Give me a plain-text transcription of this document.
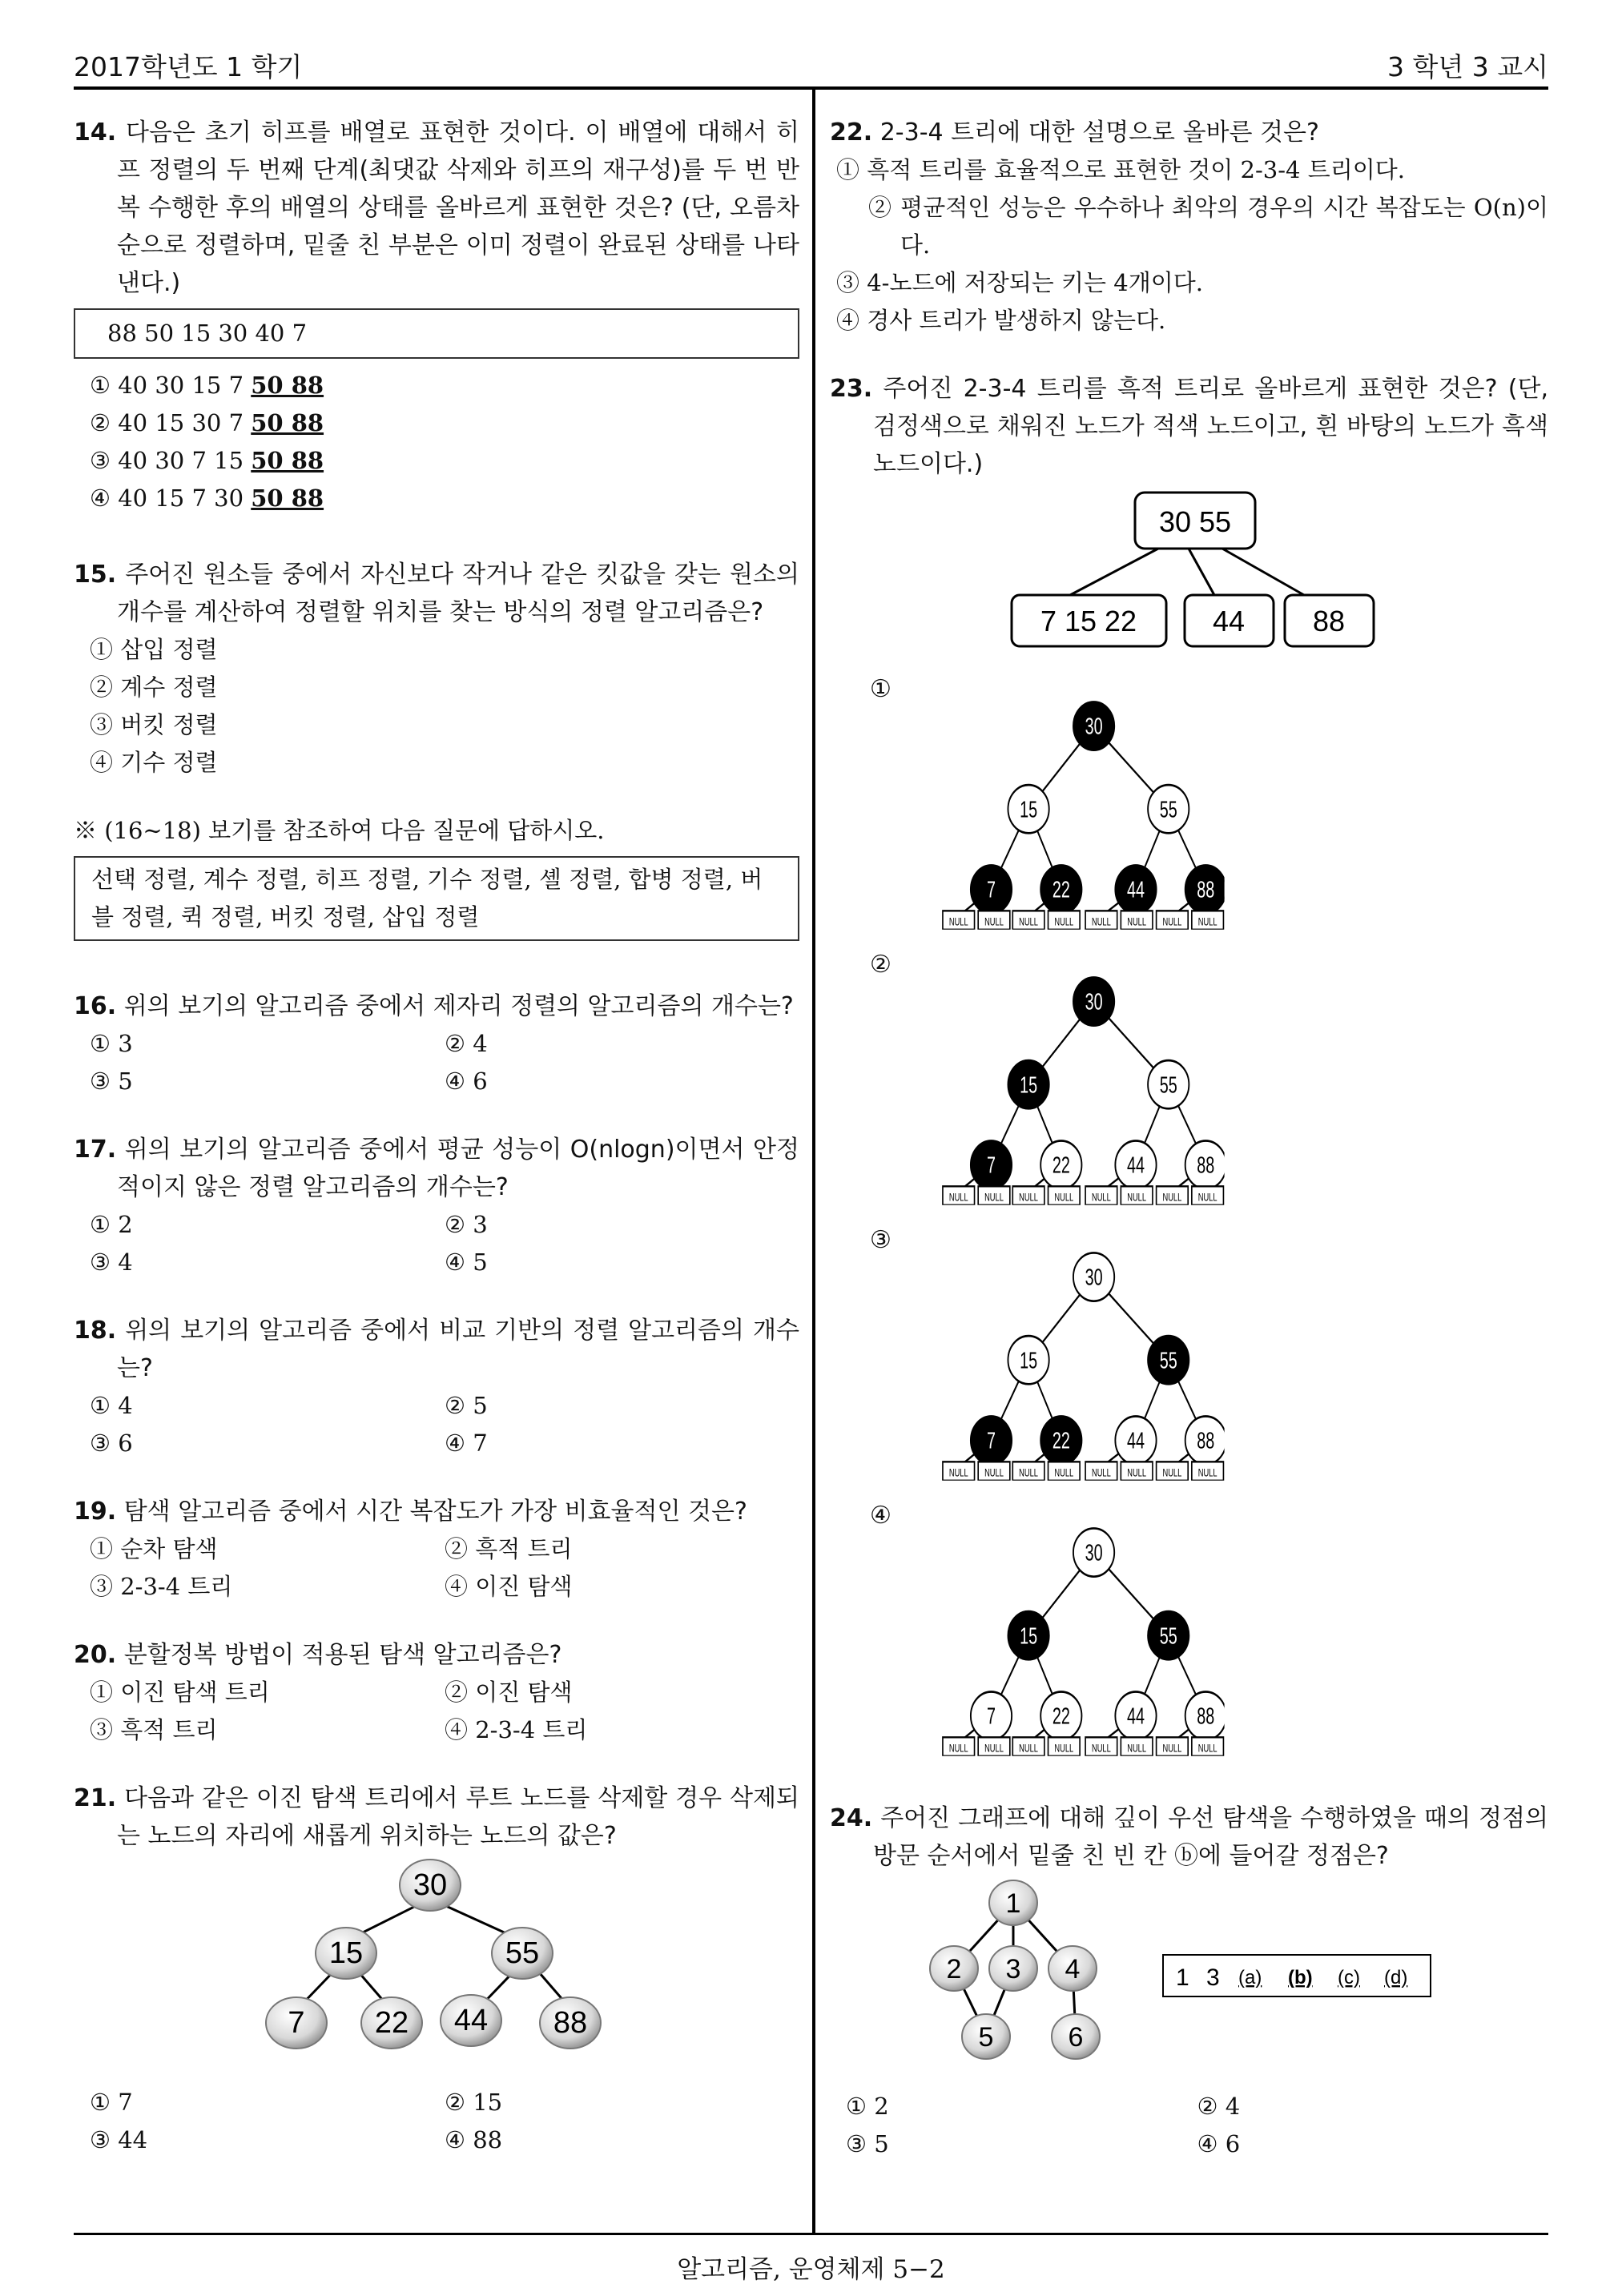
2017학년도 1 학기	3 학년 3 교시
알고리즘, 운영체제 5−2
14. 다음은 초기 히프를 배열로 표현한 것이다. 이 배열에 대해서 히프 정렬의 두 번째 단계(최댓값 삭제와 히프의 재구성)를 두 번 반복 수행한 후의 배열의 상태를 올바르게 표현한 것은? (단, 오름차순으로 정렬하며, 밑줄 친 부분은 이미 정렬이 완료된 상태를 나타낸다.)
88 50 15 30 40 7
① 40 30 15 7 50 88
② 40 15 30 7 50 88
③ 40 30 7 15 50 88
④ 40 15 7 30 50 88
15. 주어진 원소들 중에서 자신보다 작거나 같은 킷값을 갖는 원소의 개수를 계산하여 정렬할 위치를 찾는 방식의 정렬 알고리즘은?
① 삽입 정렬
② 계수 정렬
③ 버킷 정렬
④ 기수 정렬
※ (16∼18) 보기를 참조하여 다음 질문에 답하시오.
선택 정렬, 계수 정렬, 히프 정렬, 기수 정렬, 셸 정렬, 합병 정렬, 버블 정렬, 퀵 정렬, 버킷 정렬, 삽입 정렬
16. 위의 보기의 알고리즘 중에서 제자리 정렬의 알고리즘의 개수는?
① 3	② 4
③ 5	④ 6
17. 위의 보기의 알고리즘 중에서 평균 성능이 O(nlogn)이면서 안정적이지 않은 정렬 알고리즘의 개수는?
① 2	② 3
③ 4	④ 5
18. 위의 보기의 알고리즘 중에서 비교 기반의 정렬 알고리즘의 개수는?
① 4	② 5
③ 6	④ 7
19. 탐색 알고리즘 중에서 시간 복잡도가 가장 비효율적인 것은?
① 순차 탐색	② 흑적 트리
③ 2-3-4 트리	④ 이진 탐색
20. 분할정복 방법이 적용된 탐색 알고리즘은?
① 이진 탐색 트리	② 이진 탐색
③ 흑적 트리	④ 2-3-4 트리
21. 다음과 같은 이진 탐색 트리에서 루트 노드를 삭제할 경우 삭제되는 노드의 자리에 새롭게 위치하는 노드의 값은?
30
15	55
7 22 44 88
① 7	② 15
③ 44	④ 88
22. 2-3-4 트리에 대한 설명으로 올바른 것은?
① 흑적 트리를 효율적으로 표현한 것이 2-3-4 트리이다.
② 평균적인 성능은 우수하나 최악의 경우의 시간 복잡도는 O(n)이다.
③ 4-노드에 저장되는 키는 4개이다.
④ 경사 트리가 발생하지 않는다.
23. 주어진 2-3-4 트리를 흑적 트리로 올바르게 표현한 것은? (단, 검정색으로 채워진 노드가 적색 노드이고, 흰 바탕의 노드가 흑색 노드이다.)
30 55
7 15 22	44 88
①
30
15	55
7	22	44	88
NULL	NULL NULL	NULL	NULL	NULL	NULL	NULL
②
30
15	55
7	22	44	88
NULL	NULL NULL	NULL	NULL	NULL	NULL	NULL
③
30
15	55
7	22	44	88
NULL	NULL NULL	NULL	NULL	NULL	NULL	NULL
④
30
15	55
7	22	44	88
NULL	NULL NULL	NULL	NULL	NULL	NULL	NULL
24. 주어진 그래프에 대해 깊이 우선 탐색을 수행하였을 때의 정점의 방문 순서에서 밑줄 친 빈 칸 ⓑ에 들어갈 정점은?
1
2 3 4
5	6
1 3 (a) (b) (c) (d)
① 2	② 4
③ 5	④ 6
